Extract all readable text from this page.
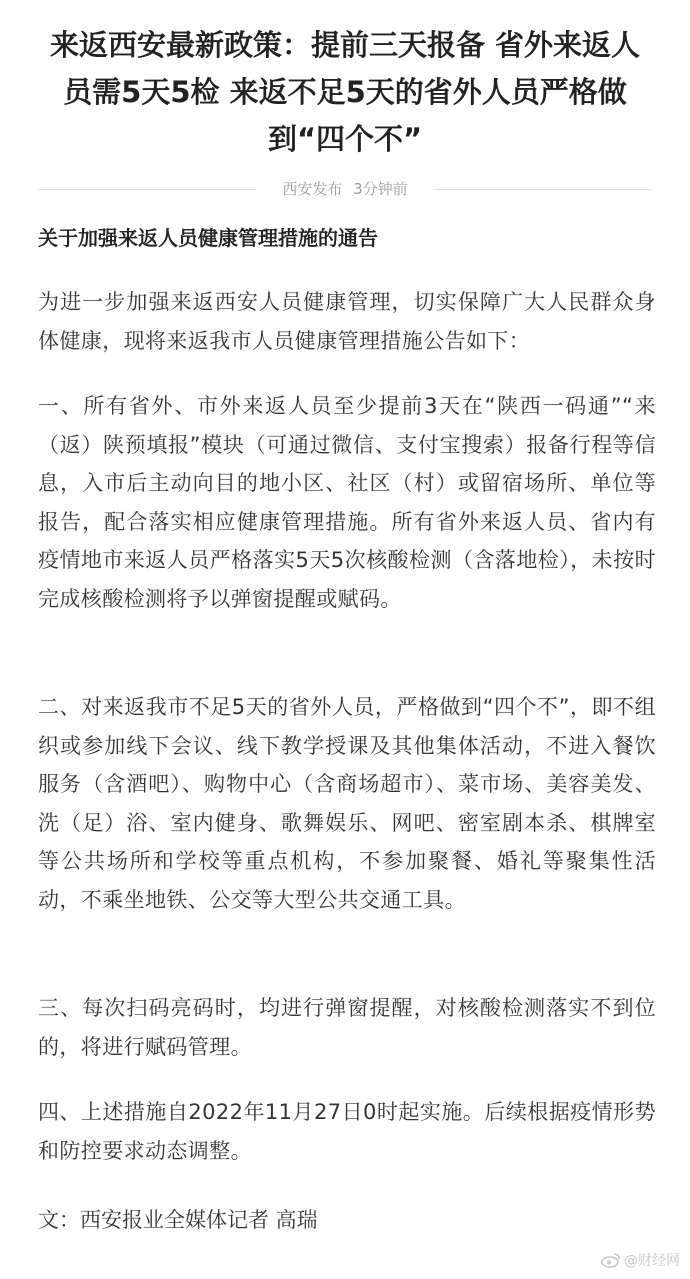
来返西安最新政策：提前三天报备 省外来返人员需5天5检 来返不足5天的省外人员严格做到“四个不”
西安发布 3分钟前
关于加强来返人员健康管理措施的通告
为进一步加强来返西安人员健康管理，切实保障广大人民群众身体健康，现将来返我市人员健康管理措施公告如下：
一、所有省外、市外来返人员至少提前3天在“陕西一码通”“来（返）陕预填报”模块（可通过微信、支付宝搜索）报备行程等信息，入市后主动向目的地小区、社区（村）或留宿场所、单位等报告，配合落实相应健康管理措施。所有省外来返人员、省内有疫情地市来返人员严格落实5天5次核酸检测（含落地检），未按时完成核酸检测将予以弹窗提醒或赋码。
二、对来返我市不足5天的省外人员，严格做到“四个不”，即不组织或参加线下会议、线下教学授课及其他集体活动，不进入餐饮服务（含酒吧）、购物中心（含商场超市）、菜市场、美容美发、洗（足）浴、室内健身、歌舞娱乐、网吧、密室剧本杀、棋牌室等公共场所和学校等重点机构，不参加聚餐、婚礼等聚集性活动，不乘坐地铁、公交等大型公共交通工具。
三、每次扫码亮码时，均进行弹窗提醒，对核酸检测落实不到位的，将进行赋码管理。
四、上述措施自2022年11月27日0时起实施。后续根据疫情形势和防控要求动态调整。
文：西安报业全媒体记者 高瑞
@财经网
